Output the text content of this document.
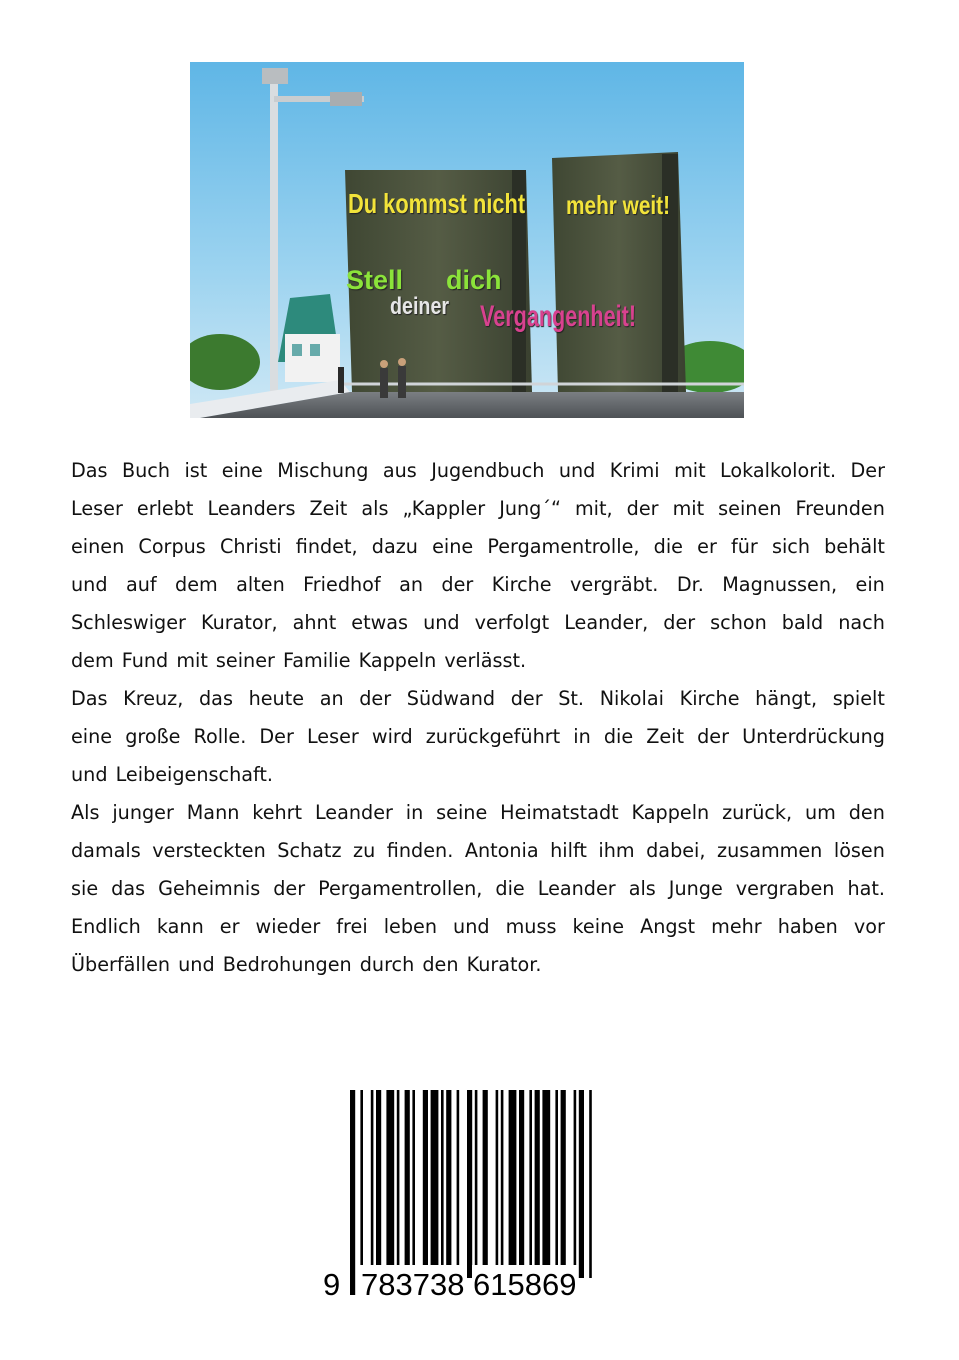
Du kommst nicht mehr weit!
Stell dich
deiner Vergangenheit!
Das Buch ist eine Mischung aus Jugendbuch und Krimi mit Lokalkolorit. Der
Leser erlebt Leanders Zeit als „Kappler Jung´“ mit, der mit seinen Freunden
einen Corpus Christi findet, dazu eine Pergamentrolle, die er für sich behält
und auf dem alten Friedhof an der Kirche vergräbt. Dr. Magnussen, ein
Schleswiger Kurator, ahnt etwas und verfolgt Leander, der schon bald nach
dem Fund mit seiner Familie Kappeln verlässt.
Das Kreuz, das heute an der Südwand der St. Nikolai Kirche hängt, spielt
eine große Rolle. Der Leser wird zurückgeführt in die Zeit der Unterdrückung
und Leibeigenschaft.
Als junger Mann kehrt Leander in seine Heimatstadt Kappeln zurück, um den
damals versteckten Schatz zu finden. Antonia hilft ihm dabei, zusammen lösen
sie das Geheimnis der Pergamentrollen, die Leander als Junge vergraben hat.
Endlich kann er wieder frei leben und muss keine Angst mehr haben vor
Überfällen und Bedrohungen durch den Kurator.
9 783738 615869
